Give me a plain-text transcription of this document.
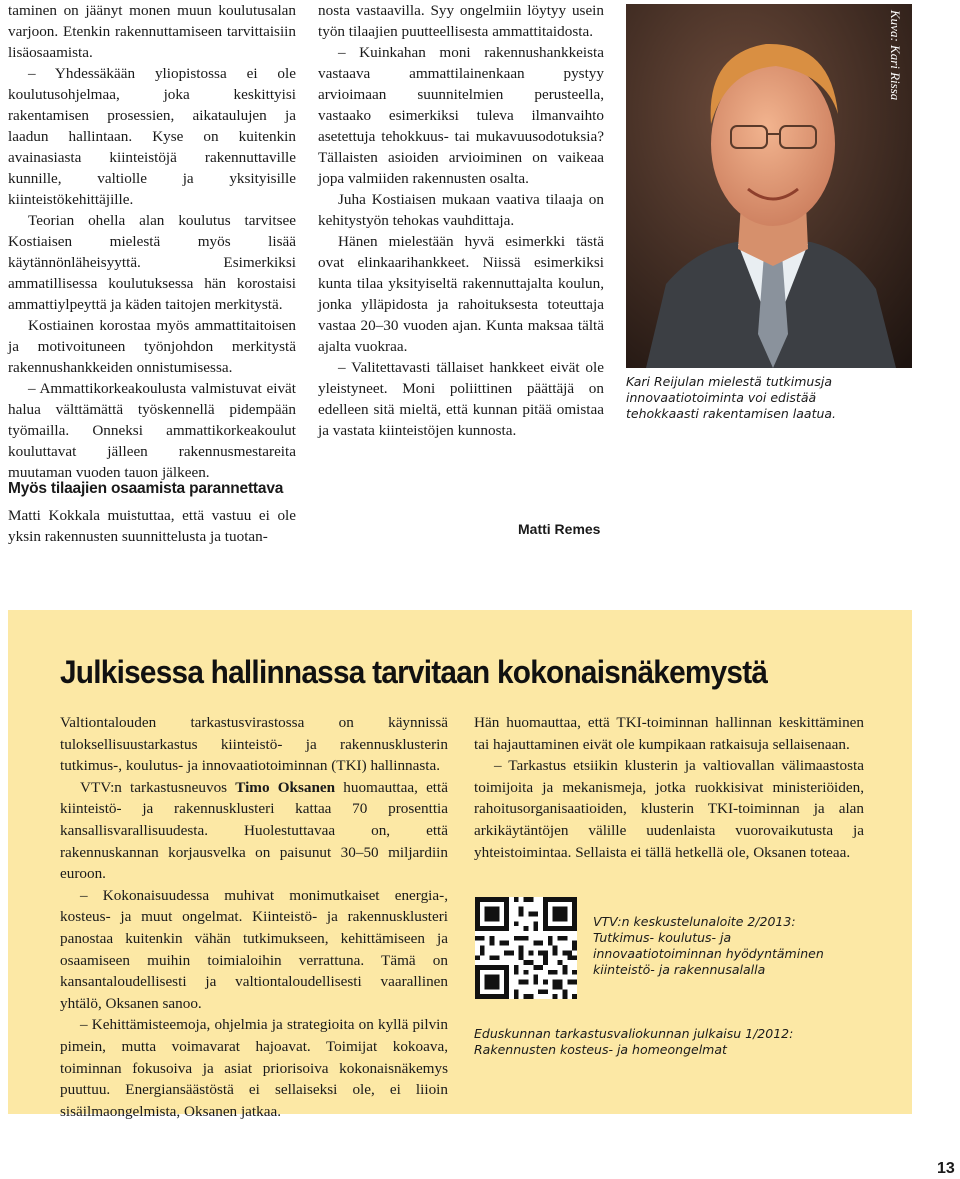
taminen on jäänyt monen muun koulutusalan varjoon. Etenkin rakennuttamiseen tarvittaisiin lisäosaamista.

– Yhdessäkään yliopistossa ei ole koulutusohjelmaa, joka keskittyisi rakentamisen prosessien, aikataulujen ja laadun hallintaan. Kyse on kuitenkin avainasiasta kiinteistöjä rakennuttaville kunnille, valtiolle ja yksityisille kiinteistökehittäjille.

Teorian ohella alan koulutus tarvitsee Kostiaisen mielestä myös lisää käytännönläheisyyttä. Esimerkiksi ammatillisessa koulutuksessa hän korostaisi ammattiylpeyttä ja käden taitojen merkitystä.

Kostiainen korostaa myös ammattitaitoisen ja motivoituneen työnjohdon merkitystä rakennushankkeiden onnistumisessa.

– Ammattikorkeakoulusta valmistuvat eivät halua välttämättä työskennellä pidempään työmailla. Onneksi ammattikorkeakoulut kouluttavat jälleen rakennusmestareita muutaman vuoden tauon jälkeen.

Myös tilaajien osaamista parannettava

Matti Kokkala muistuttaa, että vastuu ei ole yksin rakennusten suunnittelusta ja tuotan-

nosta vastaavilla. Syy ongelmiin löytyy usein työn tilaajien puutteellisesta ammattitaidosta.

– Kuinkahan moni rakennushankkeista vastaava ammattilainenkaan pystyy arvioimaan suunnitelmien perusteella, vastaako esimerkiksi tuleva ilmanvaihto asetettuja tehokkuus- tai mukavuusodotuksia? Tällaisten asioiden arvioiminen on vaikeaa jopa valmiiden rakennusten osalta.

Juha Kostiaisen mukaan vaativa tilaaja on kehitystyön tehokas vauhdittaja.

Hänen mielestään hyvä esimerkki tästä ovat elinkaarihankkeet. Niissä esimerkiksi kunta tilaa yksityiseltä rakennuttajalta koulun, jonka ylläpidosta ja rahoituksesta toteuttaja vastaa 20–30 vuoden ajan. Kunta maksaa tältä ajalta vuokraa.

– Valitettavasti tällaiset hankkeet eivät ole yleistyneet. Moni poliittinen päättäjä on edelleen sitä mieltä, että kunnan pitää omistaa ja vastata kiinteistöjen kunnosta.

Matti Remes
Kuva: Kari Rissa
Kari Reijulan mielestä tutkimusja innovaatiotoiminta voi edistää tehokkaasti rakentamisen laatua.
Julkisessa hallinnassa tarvitaan kokonaisnäkemystä

Valtiontalouden tarkastusvirastossa on käynnissä tuloksellisuustarkastus kiinteistö- ja rakennusklusterin tutkimus-, koulutus- ja innovaatiotoiminnan (TKI) hallinnasta.

VTV:n tarkastusneuvos Timo Oksanen huomauttaa, että kiinteistö- ja rakennusklusteri kattaa 70 prosenttia kansallisvarallisuudesta. Huolestuttavaa on, että rakennuskannan korjausvelka on paisunut 30–50 miljardiin euroon.

– Kokonaisuudessa muhivat monimutkaiset energia-, kosteus- ja muut ongelmat. Kiinteistö- ja rakennusklusteri panostaa kuitenkin vähän tutkimukseen, kehittämiseen ja osaamiseen muihin toimialoihin verrattuna. Tämä on kansantaloudellisesti ja valtiontaloudellisesti vaarallinen yhtälö, Oksanen sanoo.

– Kehittämisteemoja, ohjelmia ja strategioita on kyllä pilvin pimein, mutta voimavarat hajoavat. Toimijat kokoava, toiminnan fokusoiva ja asiat priorisoiva kokonaisnäkemys puuttuu. Energiansäästöstä ei sellaiseksi ole, ei liioin sisäilmaongelmista, Oksanen jatkaa.

Hän huomauttaa, että TKI-toiminnan hallinnan keskittäminen tai hajauttaminen eivät ole kumpikaan ratkaisuja sellaisenaan.

– Tarkastus etsiikin klusterin ja valtiovallan välimaastosta toimijoita ja mekanismeja, jotka ruokkisivat ministeriöiden, rahoitusorganisaatioiden, klusterin TKI-toiminnan ja alan arkikäytäntöjen välille uudenlaista vuorovaikutusta ja yhteistoimintaa. Sellaista ei tällä hetkellä ole, Oksanen toteaa.

VTV:n keskustelunaloite 2/2013: Tutkimus- koulutus- ja innovaatiotoiminnan hyödyntäminen kiinteistö- ja rakennusalalla
Eduskunnan tarkastusvaliokunnan julkaisu 1/2012: Rakennusten kosteus- ja homeongelmat
13
